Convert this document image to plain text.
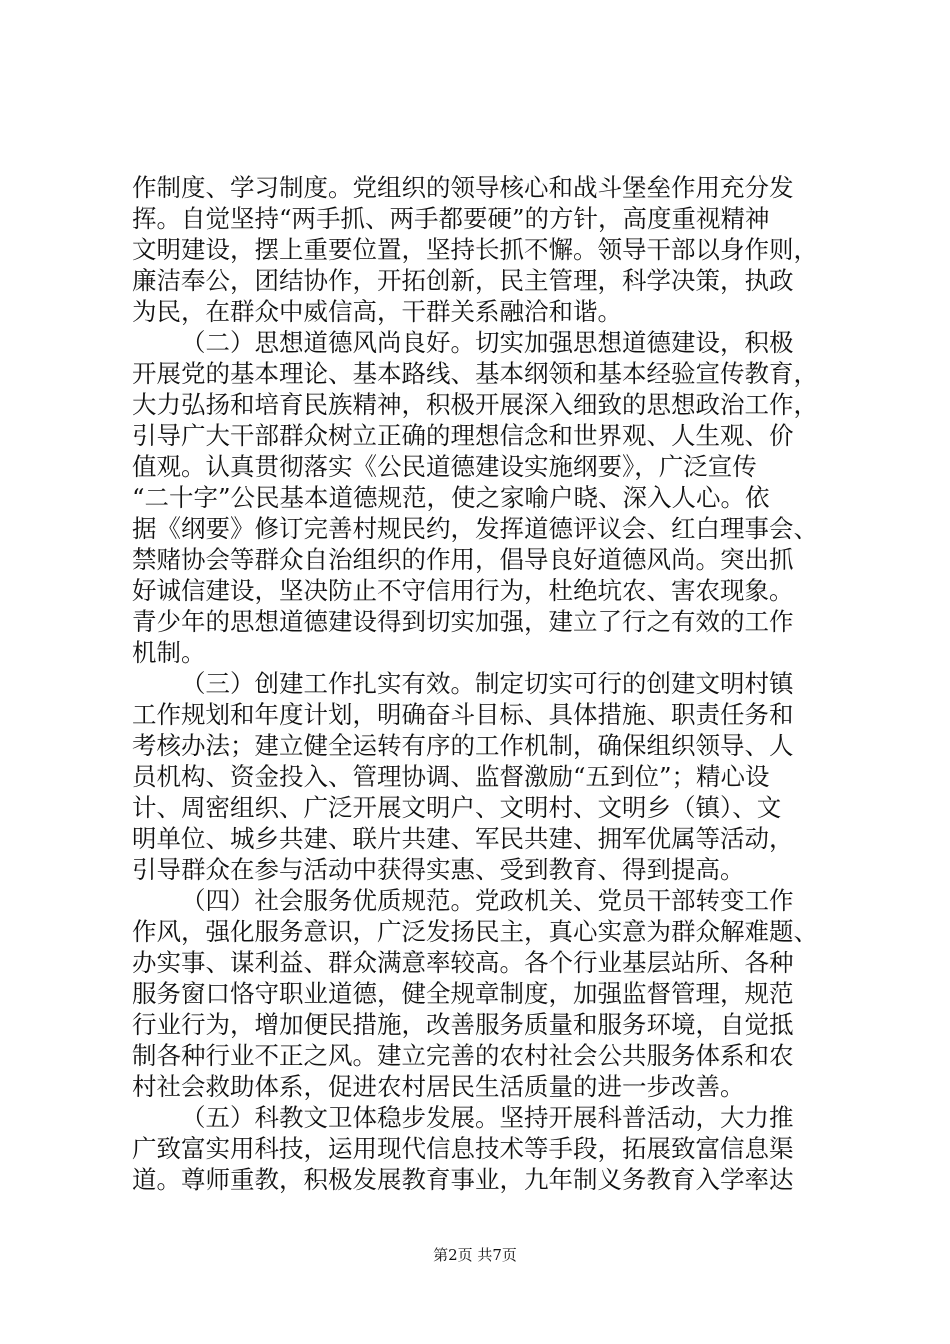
作制度、学习制度。党组织的领导核心和战斗堡垒作用充分发
挥。自觉坚持“两手抓、两手都要硬”的方针，高度重视精神
文明建设，摆上重要位置，坚持长抓不懈。领导干部以身作则，
廉洁奉公，团结协作，开拓创新，民主管理，科学决策，执政
为民，在群众中威信高，干群关系融洽和谐。
（二）思想道德风尚良好。切实加强思想道德建设，积极
开展党的基本理论、基本路线、基本纲领和基本经验宣传教育，
大力弘扬和培育民族精神，积极开展深入细致的思想政治工作，
引导广大干部群众树立正确的理想信念和世界观、人生观、价
值观。认真贯彻落实《公民道德建设实施纲要》，广泛宣传
“二十字”公民基本道德规范，使之家喻户晓、深入人心。依
据《纲要》修订完善村规民约，发挥道德评议会、红白理事会、
禁赌协会等群众自治组织的作用，倡导良好道德风尚。突出抓
好诚信建设，坚决防止不守信用行为，杜绝坑农、害农现象。
青少年的思想道德建设得到切实加强，建立了行之有效的工作
机制。
（三）创建工作扎实有效。制定切实可行的创建文明村镇
工作规划和年度计划，明确奋斗目标、具体措施、职责任务和
考核办法；建立健全运转有序的工作机制，确保组织领导、人
员机构、资金投入、管理协调、监督激励“五到位”；精心设
计、周密组织、广泛开展文明户、文明村、文明乡（镇）、文
明单位、城乡共建、联片共建、军民共建、拥军优属等活动，
引导群众在参与活动中获得实惠、受到教育、得到提高。
（四）社会服务优质规范。党政机关、党员干部转变工作
作风，强化服务意识，广泛发扬民主，真心实意为群众解难题、
办实事、谋利益、群众满意率较高。各个行业基层站所、各种
服务窗口恪守职业道德，健全规章制度，加强监督管理，规范
行业行为，增加便民措施，改善服务质量和服务环境，自觉抵
制各种行业不正之风。建立完善的农村社会公共服务体系和农
村社会救助体系，促进农村居民生活质量的进一步改善。
（五）科教文卫体稳步发展。坚持开展科普活动，大力推
广致富实用科技，运用现代信息技术等手段，拓展致富信息渠
道。尊师重教，积极发展教育事业，九年制义务教育入学率达
第2页 共7页
